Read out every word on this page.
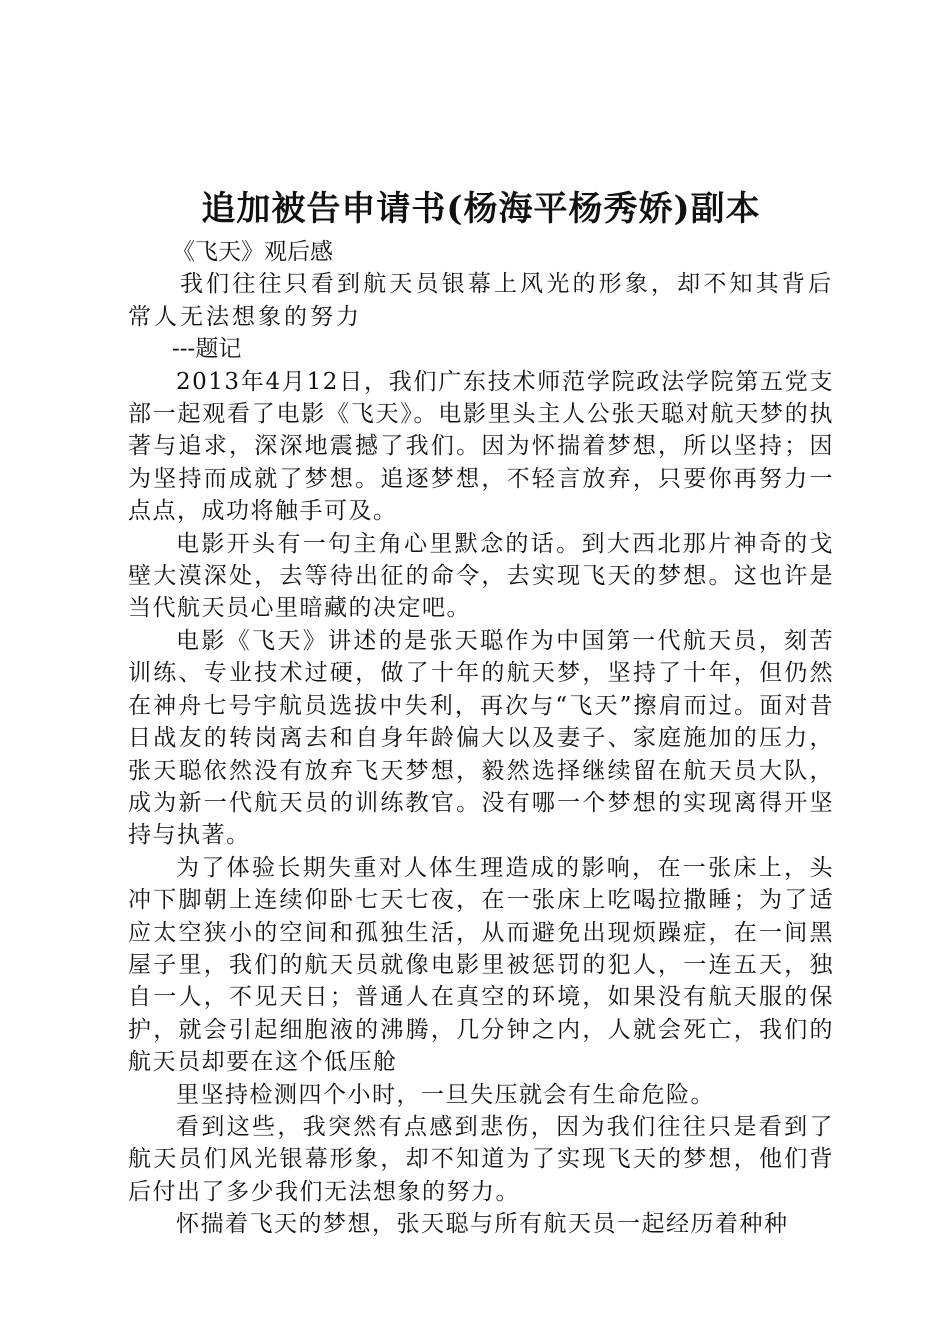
追加被告申请书(杨海平杨秀娇)副本

《飞天》观后感

我们往往只看到航天员银幕上风光的形象，却不知其背后常人无法想象的努力

---题记

2013年4月12日，我们广东技术师范学院政法学院第五党支部一起观看了电影《飞天》。电影里头主人公张天聪对航天梦的执著与追求，深深地震撼了我们。因为怀揣着梦想，所以坚持；因为坚持而成就了梦想。追逐梦想，不轻言放弃，只要你再努力一点点，成功将触手可及。

电影开头有一句主角心里默念的话。到大西北那片神奇的戈壁大漠深处，去等待出征的命令，去实现飞天的梦想。这也许是当代航天员心里暗藏的决定吧。

电影《飞天》讲述的是张天聪作为中国第一代航天员，刻苦训练、专业技术过硬，做了十年的航天梦，坚持了十年，但仍然在神舟七号宇航员选拔中失利，再次与“飞天”擦肩而过。面对昔日战友的转岗离去和自身年龄偏大以及妻子、家庭施加的压力，张天聪依然没有放弃飞天梦想，毅然选择继续留在航天员大队，成为新一代航天员的训练教官。没有哪一个梦想的实现离得开坚持与执著。

为了体验长期失重对人体生理造成的影响，在一张床上，头冲下脚朝上连续仰卧七天七夜，在一张床上吃喝拉撒睡；为了适应太空狭小的空间和孤独生活，从而避免出现烦躁症，在一间黑屋子里，我们的航天员就像电影里被惩罚的犯人，一连五天，独自一人，不见天日；普通人在真空的环境，如果没有航天服的保护，就会引起细胞液的沸腾，几分钟之内，人就会死亡，我们的航天员却要在这个低压舱

里坚持检测四个小时，一旦失压就会有生命危险。

看到这些，我突然有点感到悲伤，因为我们往往只是看到了航天员们风光银幕形象，却不知道为了实现飞天的梦想，他们背后付出了多少我们无法想象的努力。

怀揣着飞天的梦想，张天聪与所有航天员一起经历着种种
